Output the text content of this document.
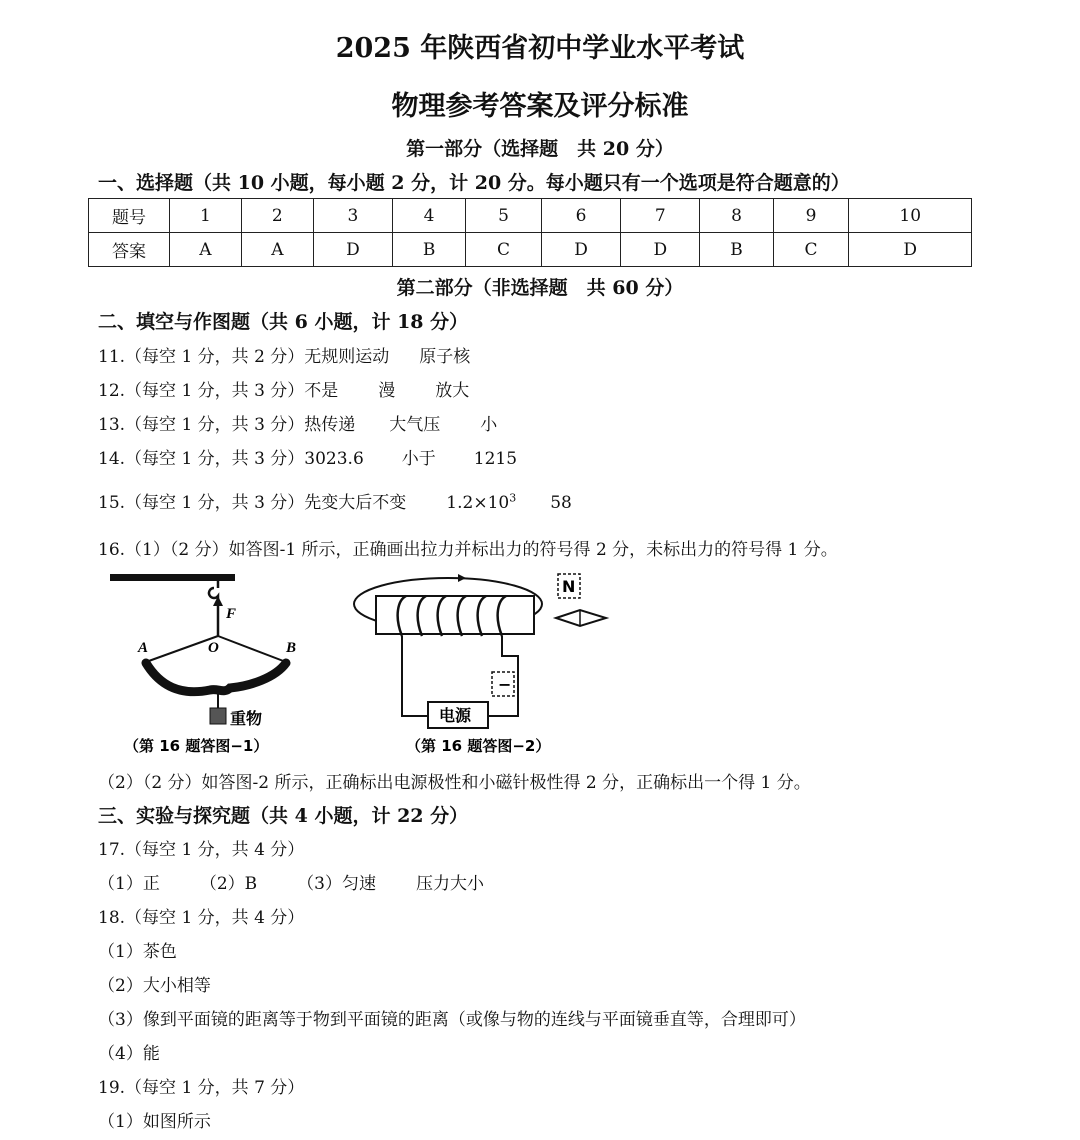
2025 年陕西省初中学业水平考试
物理参考答案及评分标准
第一部分（选择题　共 20 分）
一、选择题（共 10 小题，每小题 2 分，计 20 分。每小题只有一个选项是符合题意的）
题号	1	2	3	4	5	6	7	8	9	10
答案	A	A	D	B	C	D	D	B	C	D
第二部分（非选择题　共 60 分）
二、填空与作图题（共 6 小题，计 18 分）
11.（每空 1 分，共 2 分）无规则运动 原子核
12.（每空 1 分，共 3 分）不是 漫 放大
13.（每空 1 分，共 3 分）热传递 大气压 小
14.（每空 1 分，共 3 分）3023.6 小于 1215
15.（每空 1 分，共 3 分）先变大后不变 $1.2\times 10^3$ 58
16.（1）（2 分）如答图-1 所示，正确画出拉力并标出力的符号得 2 分，未标出力的符号得 1 分。
F
O
A	B
重物
（第 16 题答图−1）
电源
−
N
（第 16 题答图−2）
（2）（2 分）如答图-2 所示，正确标出电源极性和小磁针极性得 2 分，正确标出一个得 1 分。
三、实验与探究题（共 4 小题，计 22 分）
17.（每空 1 分，共 4 分）
（1）正 （2）B （3）匀速 压力大小
18.（每空 1 分，共 4 分）
（1）茶色
（2）大小相等
（3）像到平面镜的距离等于物到平面镜的距离（或像与物的连线与平面镜垂直等，合理即可）
（4）能
19.（每空 1 分，共 7 分）
（1）如图所示
